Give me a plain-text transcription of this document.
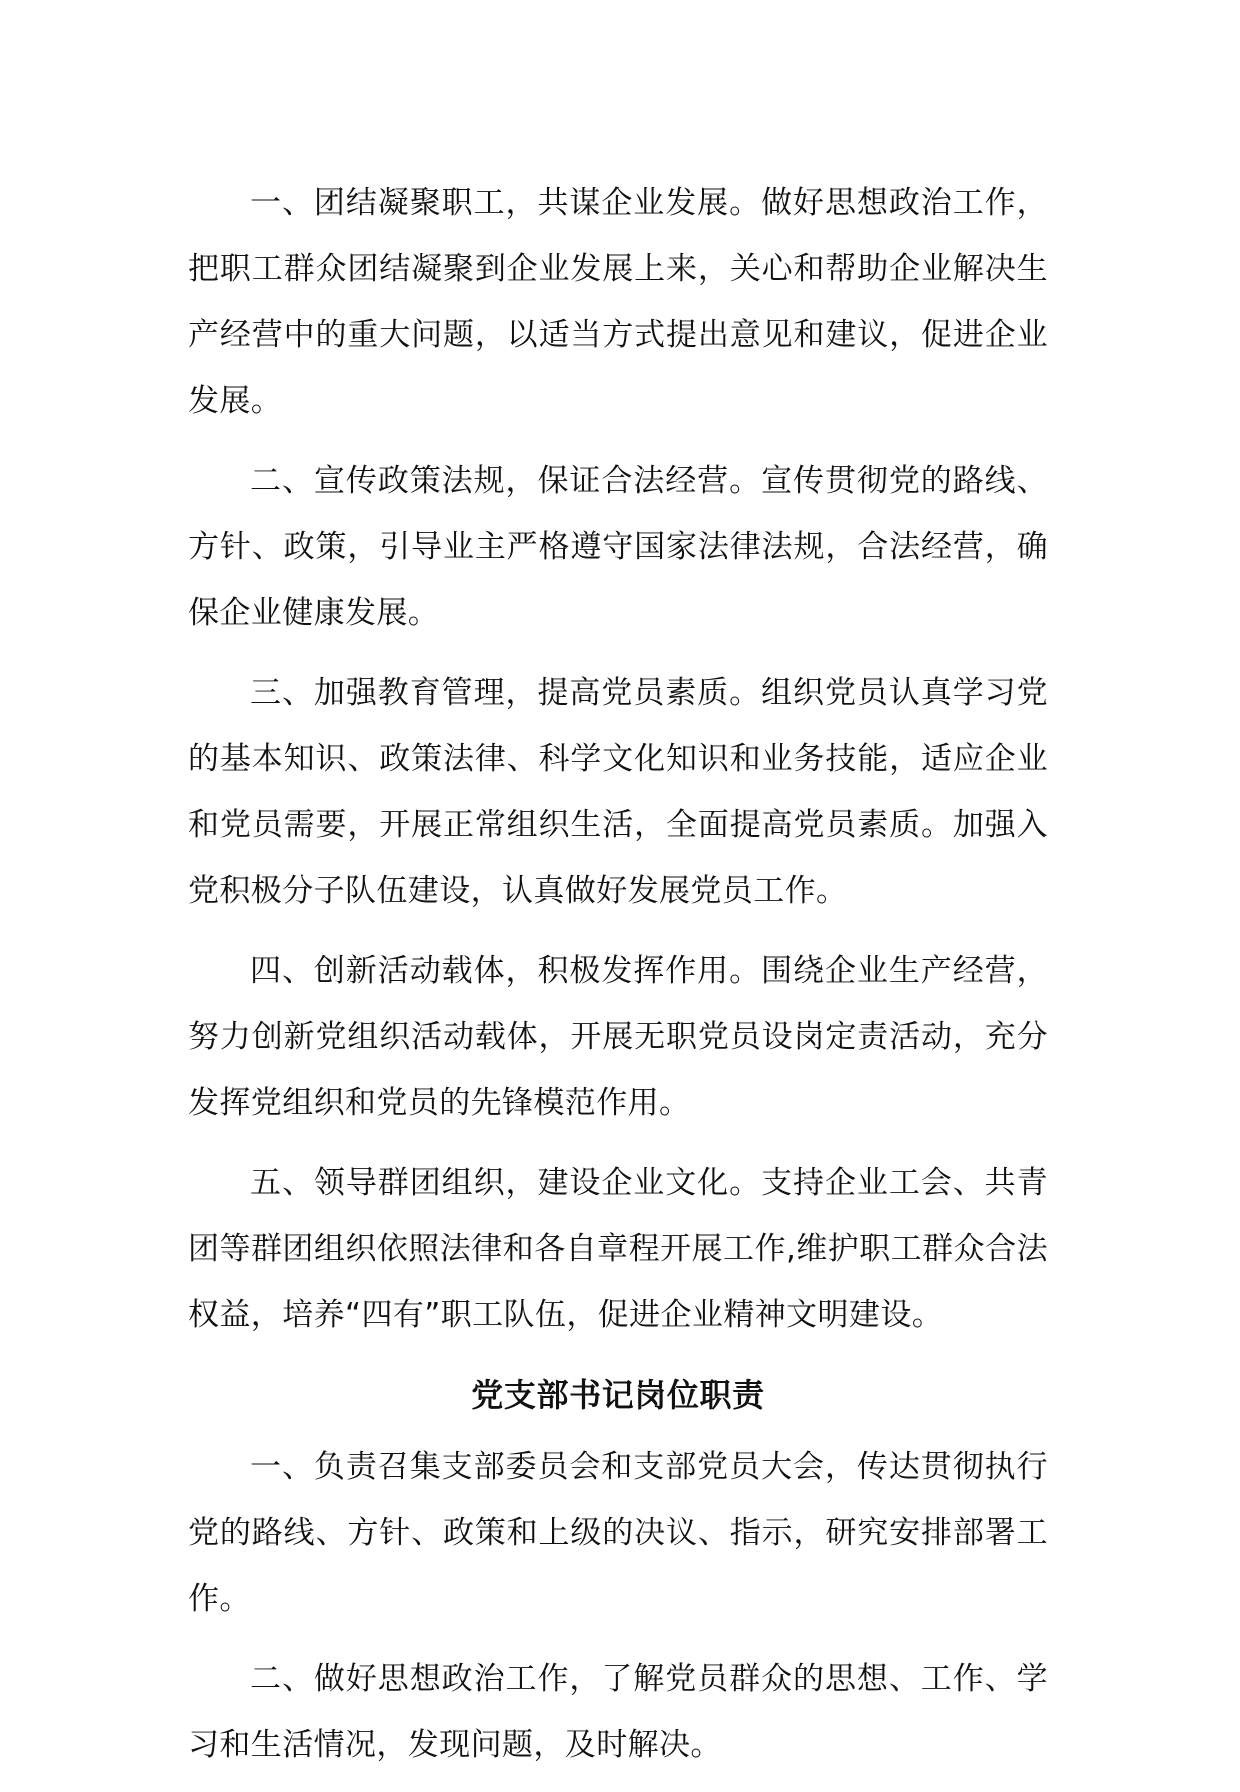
一、团结凝聚职工，共谋企业发展。做好思想政治工作，把职工群众团结凝聚到企业发展上来，关心和帮助企业解决生产经营中的重大问题，以适当方式提出意见和建议，促进企业发展。

二、宣传政策法规，保证合法经营。宣传贯彻党的路线、方针、政策，引导业主严格遵守国家法律法规，合法经营，确保企业健康发展。

三、加强教育管理，提高党员素质。组织党员认真学习党的基本知识、政策法律、科学文化知识和业务技能，适应企业和党员需要，开展正常组织生活，全面提高党员素质。加强入党积极分子队伍建设，认真做好发展党员工作。

四、创新活动载体，积极发挥作用。围绕企业生产经营，努力创新党组织活动载体，开展无职党员设岗定责活动，充分发挥党组织和党员的先锋模范作用。

五、领导群团组织，建设企业文化。支持企业工会、共青团等群团组织依照法律和各自章程开展工作,维护职工群众合法权益，培养“四有”职工队伍，促进企业精神文明建设。

党支部书记岗位职责

一、负责召集支部委员会和支部党员大会，传达贯彻执行党的路线、方针、政策和上级的决议、指示，研究安排部署工作。

二、做好思想政治工作，了解党员群众的思想、工作、学习和生活情况，发现问题，及时解决。
